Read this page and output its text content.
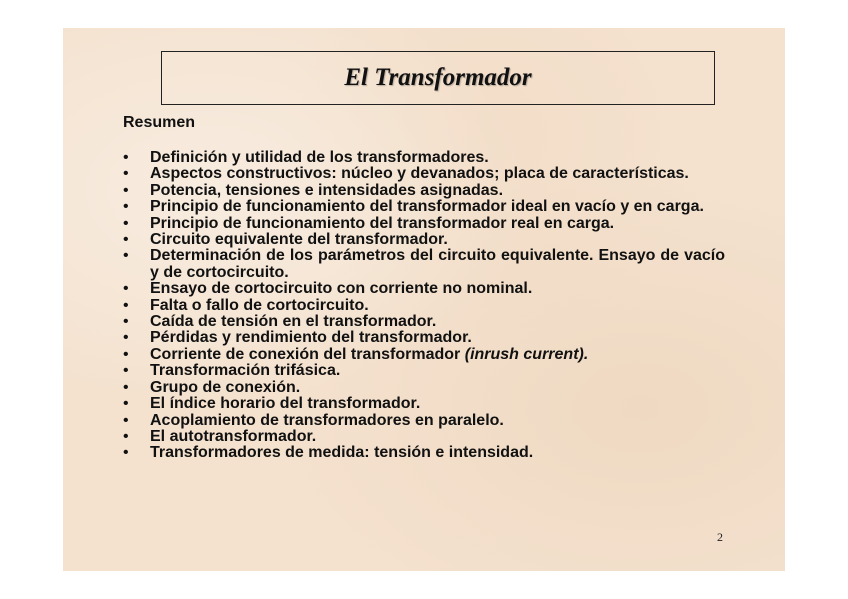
El Transformador
Resumen
• Definición y utilidad de los transformadores.
• Aspectos constructivos: núcleo y devanados; placa de características.
• Potencia, tensiones e intensidades asignadas.
• Principio de funcionamiento del transformador ideal en vacío y en carga.
• Principio de funcionamiento del transformador real en carga.
• Circuito equivalente del transformador.
• Determinación de los parámetros del circuito equivalente. Ensayo de vacío y de cortocircuito.
• Ensayo de cortocircuito con corriente no nominal.
• Falta o fallo de cortocircuito.
• Caída de tensión en el transformador.
• Pérdidas y rendimiento del transformador.
• Corriente de conexión del transformador (inrush current).
• Transformación trifásica.
• Grupo de conexión.
• El índice horario del transformador.
• Acoplamiento de transformadores en paralelo.
• El autotransformador.
• Transformadores de medida: tensión e intensidad.
2
